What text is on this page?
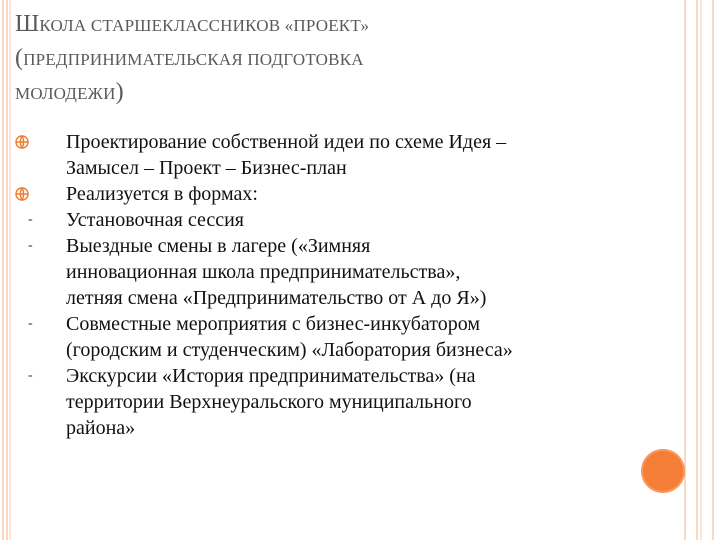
ШКОЛА СТАРШЕКЛАССНИКОВ «ПРОЕКТ»
(ПРЕДПРИНИМАТЕЛЬСКАЯ ПОДГОТОВКА
МОЛОДЕЖИ)
Проектирование собственной идеи по схеме Идея –
Замысел – Проект – Бизнес-план
Реализуется в формах:
- Установочная сессия
- Выездные смены в лагере («Зимняя
инновационная школа предпринимательства»,
летняя смена «Предпринимательство от А до Я»)
- Совместные мероприятия с бизнес-инкубатором
(городским и студенческим) «Лаборатория бизнеса»
- Экскурсии «История предпринимательства» (на
территории Верхнеуральского муниципального
района»
